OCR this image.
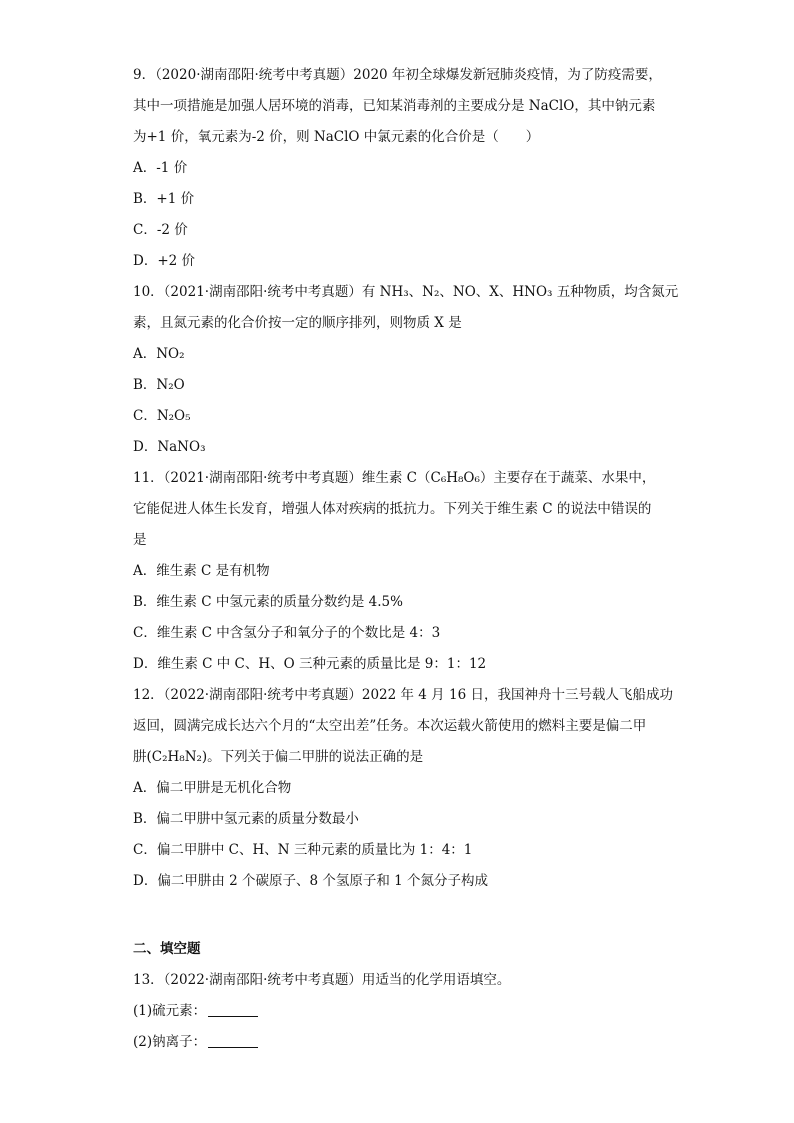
9．（2020·湖南邵阳·统考中考真题）2020 年初全球爆发新冠肺炎疫情，为了防疫需要，
其中一项措施是加强人居环境的消毒，已知某消毒剂的主要成分是 NaClO，其中钠元素
为+1 价，氧元素为-2 价，则 NaClO 中氯元素的化合价是（　　）
A．-1 价
B．+1 价
C．-2 价
D．+2 价
10．（2021·湖南邵阳·统考中考真题）有 NH₃、N₂、NO、X、HNO₃ 五种物质，均含氮元
素，且氮元素的化合价按一定的顺序排列，则物质 X 是
A．NO₂
B．N₂O
C．N₂O₅
D．NaNO₃
11．（2021·湖南邵阳·统考中考真题）维生素 C（C₆H₈O₆）主要存在于蔬菜、水果中，
它能促进人体生长发育，增强人体对疾病的抵抗力。下列关于维生素 C 的说法中错误的
是
A．维生素 C 是有机物
B．维生素 C 中氢元素的质量分数约是 4.5%
C．维生素 C 中含氢分子和氧分子的个数比是 4：3
D．维生素 C 中 C、H、O 三种元素的质量比是 9：1：12
12．（2022·湖南邵阳·统考中考真题）2022 年 4 月 16 日，我国神舟十三号载人飞船成功
返回，圆满完成长达六个月的“太空出差”任务。本次运载火箭使用的燃料主要是偏二甲
肼(C₂H₈N₂)。下列关于偏二甲肼的说法正确的是
A．偏二甲肼是无机化合物
B．偏二甲肼中氢元素的质量分数最小
C．偏二甲肼中 C、H、N 三种元素的质量比为 1：4：1
D．偏二甲肼由 2 个碳原子、8 个氢原子和 1 个氮分子构成
二、填空题
13．（2022·湖南邵阳·统考中考真题）用适当的化学用语填空。
(1)硫元素：
(2)钠离子：
